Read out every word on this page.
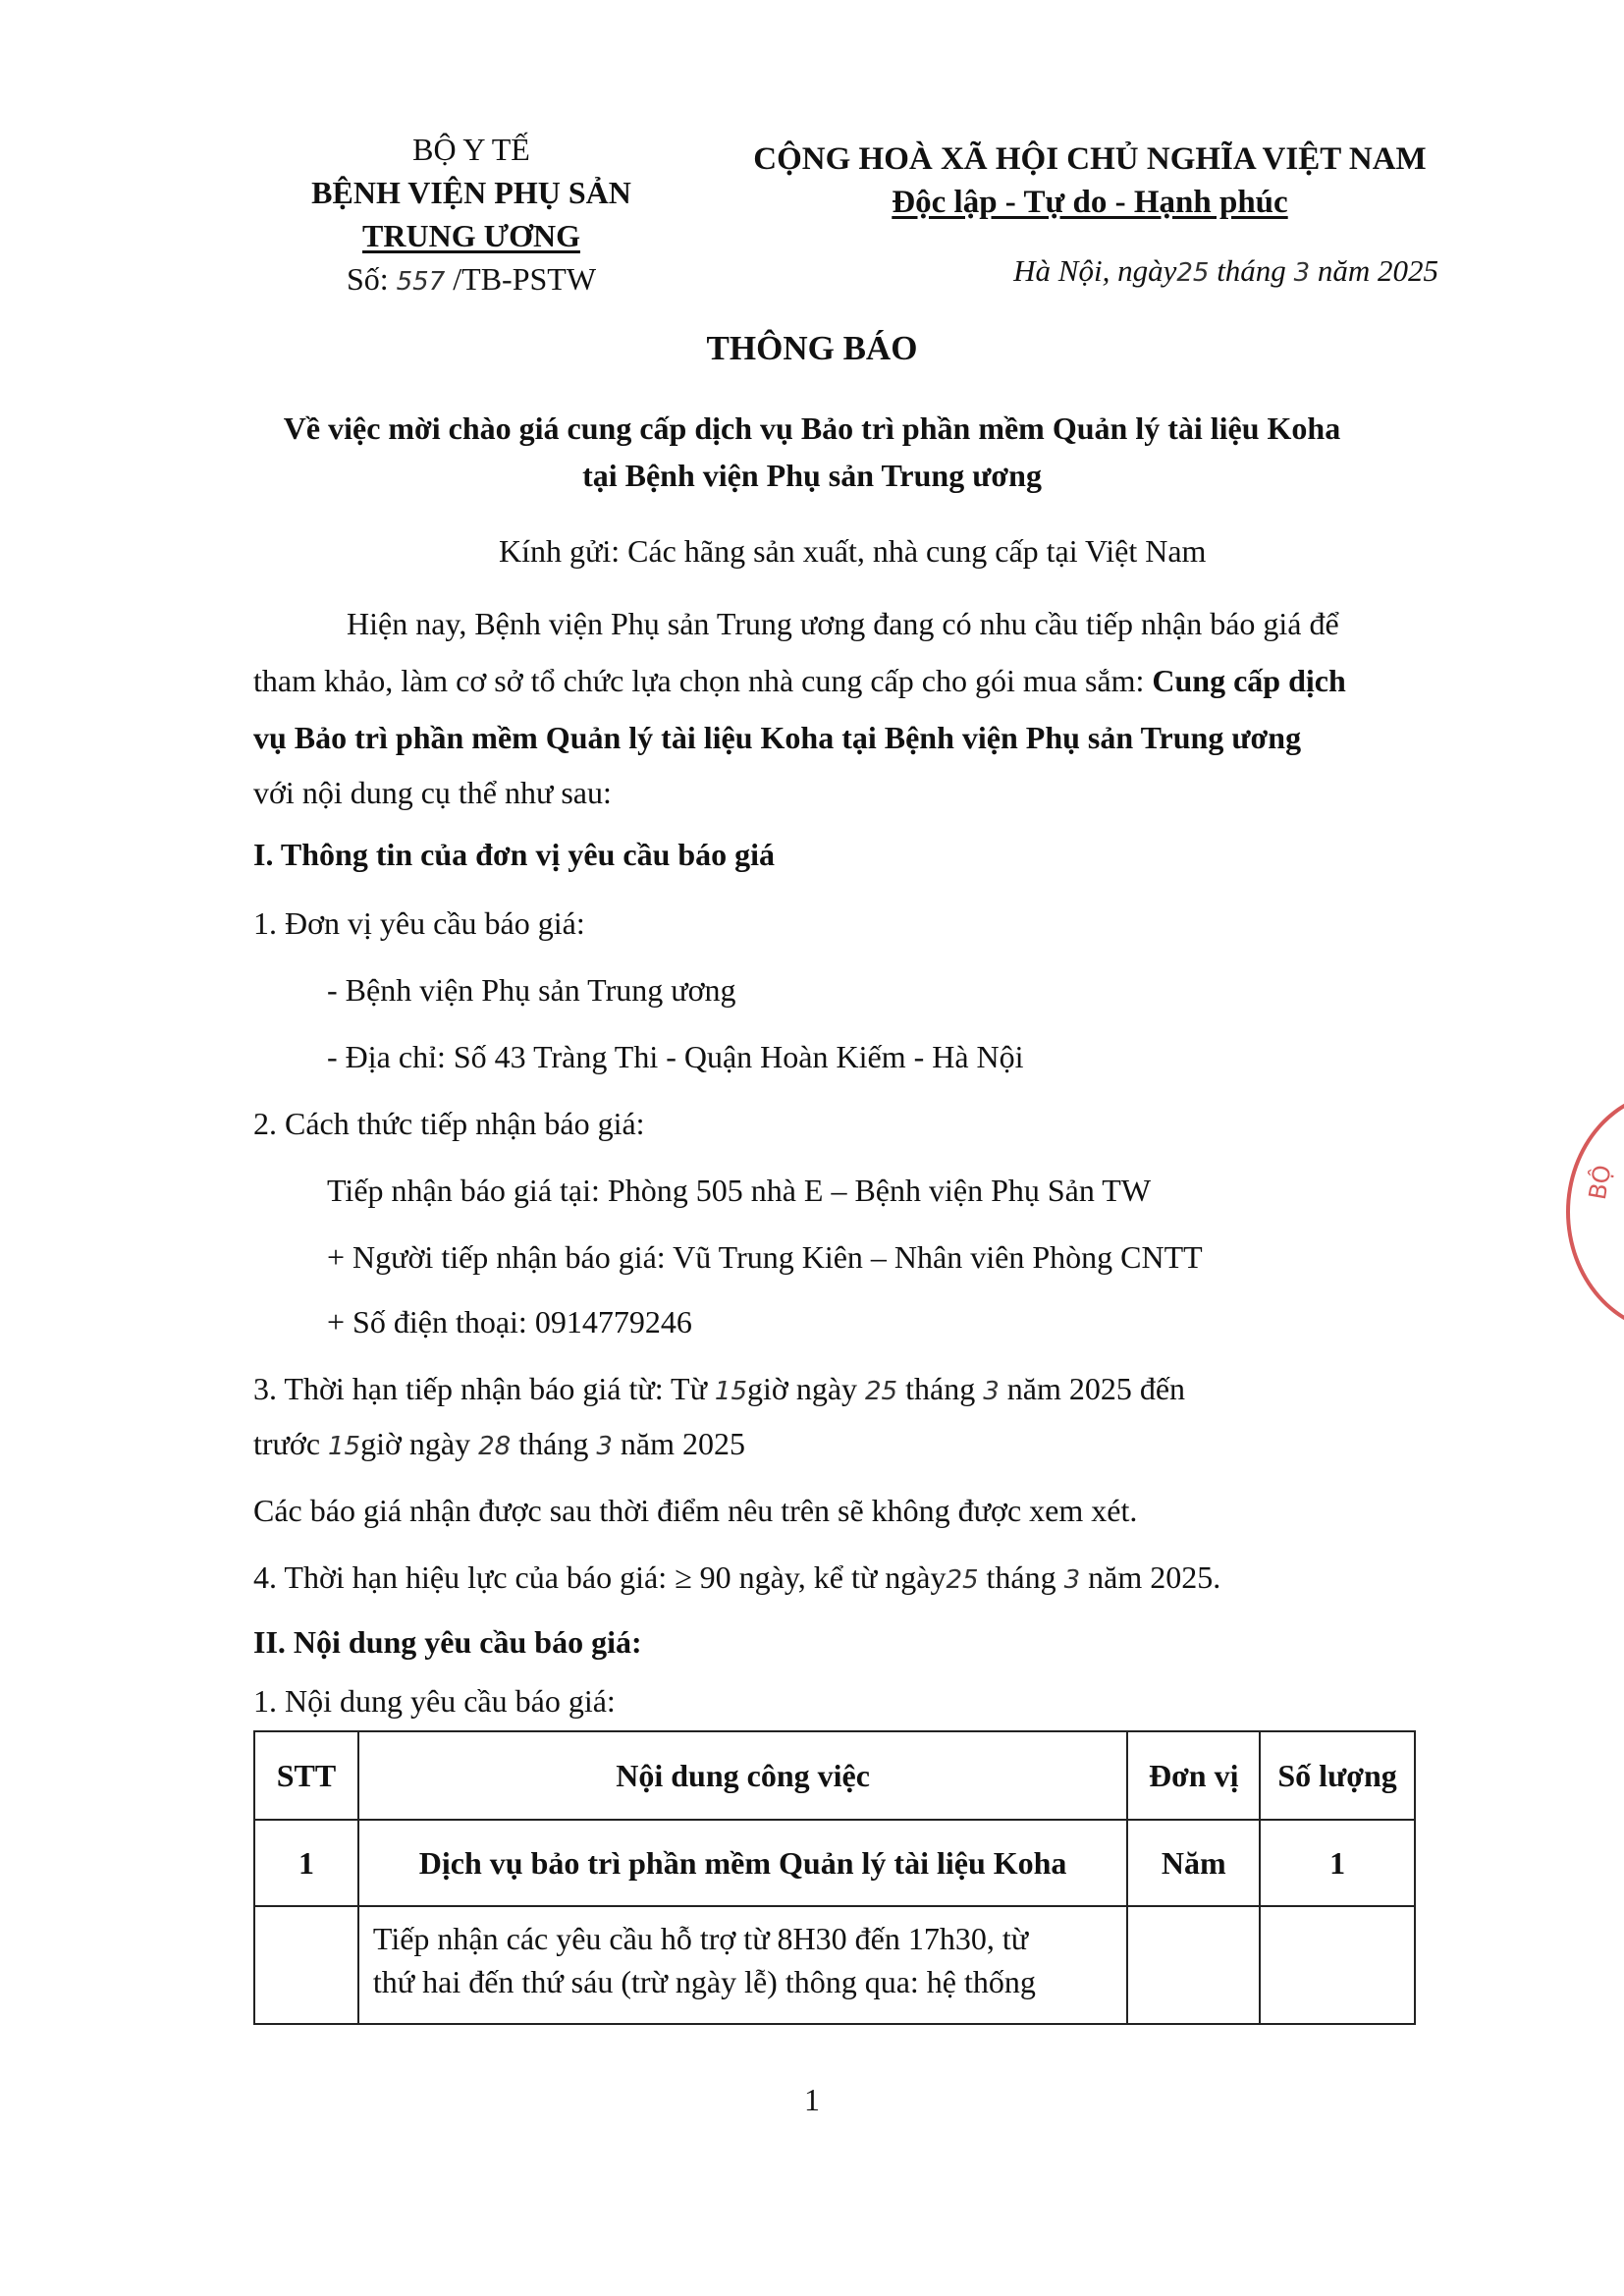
BỘ Y TẾ
BỆNH VIỆN PHỤ SẢN
TRUNG ƯƠNG
Số: 557 /TB-PSTW
CỘNG HOÀ XÃ HỘI CHỦ NGHĨA VIỆT NAM
Độc lập - Tự do - Hạnh phúc
Hà Nội, ngày25 tháng 3 năm 2025
THÔNG BÁO
Về việc mời chào giá cung cấp dịch vụ Bảo trì phần mềm Quản lý tài liệu Koha
tại Bệnh viện Phụ sản Trung ương
Kính gửi: Các hãng sản xuất, nhà cung cấp tại Việt Nam
Hiện nay, Bệnh viện Phụ sản Trung ương đang có nhu cầu tiếp nhận báo giá để
tham khảo, làm cơ sở tổ chức lựa chọn nhà cung cấp cho gói mua sắm: Cung cấp dịch
vụ Bảo trì phần mềm Quản lý tài liệu Koha tại Bệnh viện Phụ sản Trung ương
với nội dung cụ thể như sau:
I. Thông tin của đơn vị yêu cầu báo giá
1. Đơn vị yêu cầu báo giá:
- Bệnh viện Phụ sản Trung ương
- Địa chỉ: Số 43 Tràng Thi - Quận Hoàn Kiếm - Hà Nội
2. Cách thức tiếp nhận báo giá:
Tiếp nhận báo giá tại: Phòng 505 nhà E – Bệnh viện Phụ Sản TW
+ Người tiếp nhận báo giá: Vũ Trung Kiên – Nhân viên Phòng CNTT
+ Số điện thoại: 0914779246
3. Thời hạn tiếp nhận báo giá từ: Từ 15giờ ngày 25 tháng 3 năm 2025 đến
trước 15giờ ngày 28 tháng 3 năm 2025
Các báo giá nhận được sau thời điểm nêu trên sẽ không được xem xét.
4. Thời hạn hiệu lực của báo giá: ≥ 90 ngày, kể từ ngày25 tháng 3 năm 2025.
II. Nội dung yêu cầu báo giá:
1. Nội dung yêu cầu báo giá:
STT	Nội dung công việc	Đơn vị	Số lượng
1	Dịch vụ bảo trì phần mềm Quản lý tài liệu Koha	Năm	1

	Tiếp nhận các yêu cầu hỗ trợ từ 8H30 đến 17h30, từ
thứ hai đến thứ sáu (trừ ngày lễ) thông qua: hệ thống		

BỘ
1
